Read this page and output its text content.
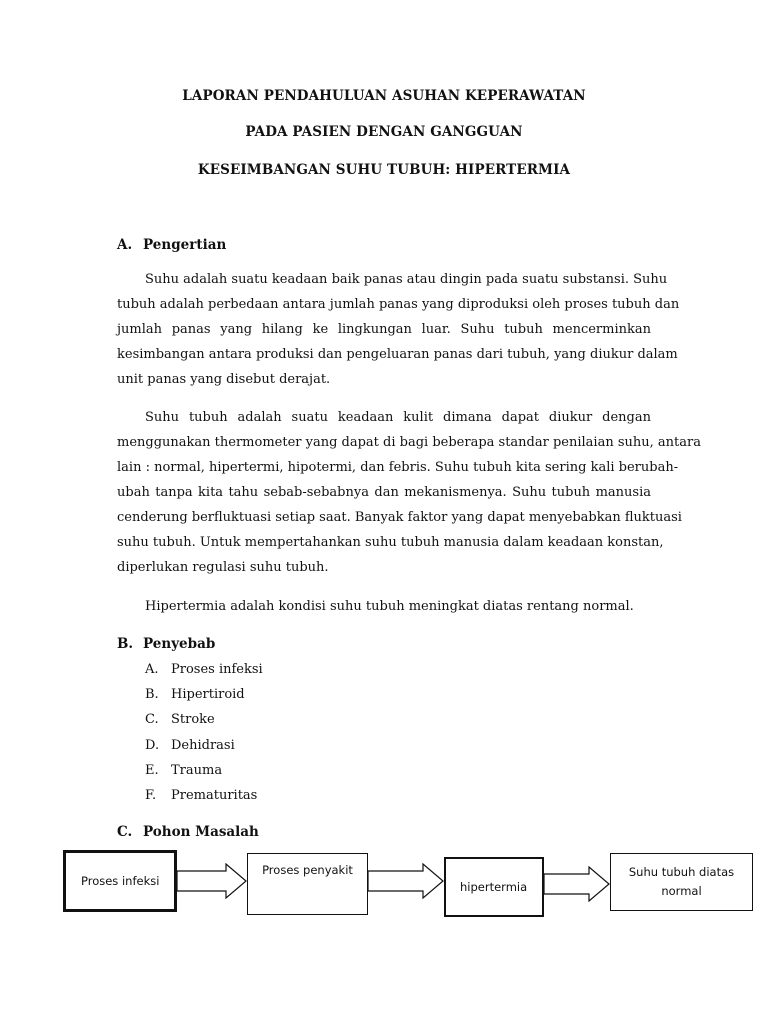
LAPORAN PENDAHULUAN ASUHAN KEPERAWATAN
PADA PASIEN DENGAN GANGGUAN
KESEIMBANGAN SUHU TUBUH: HIPERTERMIA
A. Pengertian
Suhu adalah suatu keadaan baik panas atau dingin pada suatu substansi. Suhu
tubuh adalah perbedaan antara jumlah panas yang diproduksi oleh proses tubuh dan
jumlah panas yang hilang ke lingkungan luar. Suhu tubuh mencerminkan
kesimbangan antara produksi dan pengeluaran panas dari tubuh, yang diukur dalam
unit panas yang disebut derajat.
Suhu tubuh adalah suatu keadaan kulit dimana dapat diukur dengan
menggunakan thermometer yang dapat di bagi beberapa standar penilaian suhu, antara
lain : normal, hipertermi, hipotermi, dan febris. Suhu tubuh kita sering kali berubah-
ubah tanpa kita tahu sebab-sebabnya dan mekanismenya. Suhu tubuh manusia
cenderung berfluktuasi setiap saat. Banyak faktor yang dapat menyebabkan fluktuasi
suhu tubuh. Untuk mempertahankan suhu tubuh manusia dalam keadaan konstan,
diperlukan regulasi suhu tubuh.
Hipertermia adalah kondisi suhu tubuh meningkat diatas rentang normal.
B. Penyebab
A. Proses infeksi
B. Hipertiroid
C. Stroke
D. Dehidrasi
E. Trauma
F. Prematuritas
C. Pohon Masalah
Proses infeksi
Proses penyakit
hipertermia
Suhu tubuh diatas
normal
